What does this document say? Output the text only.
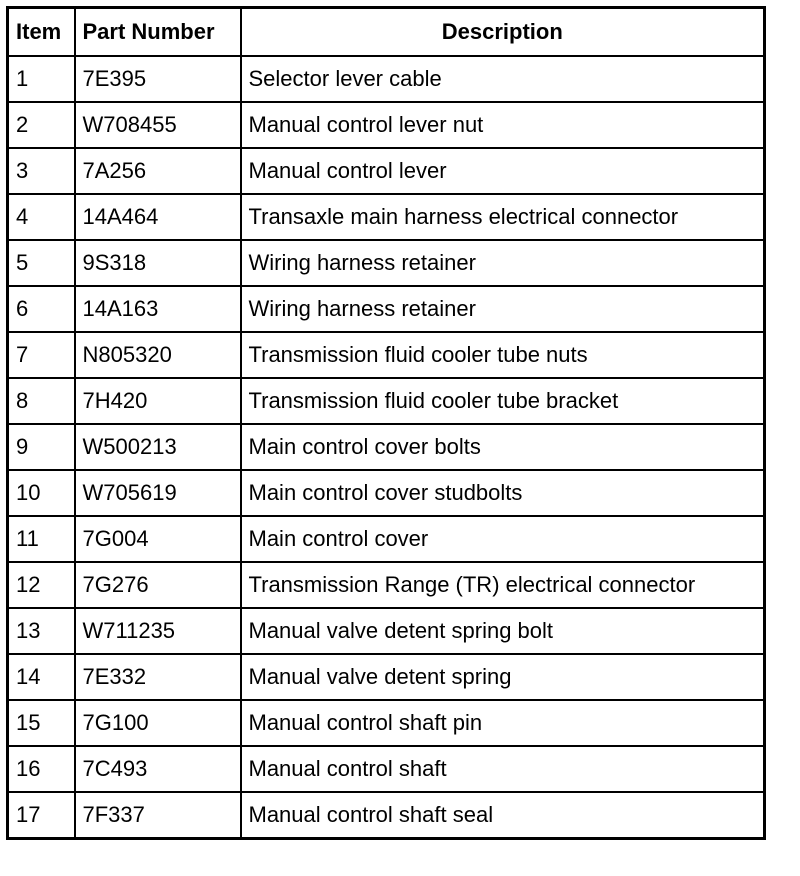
Item	Part Number	Description
1	7E395	Selector lever cable
2	W708455	Manual control lever nut
3	7A256	Manual control lever
4	14A464	Transaxle main harness electrical connector
5	9S318	Wiring harness retainer
6	14A163	Wiring harness retainer
7	N805320	Transmission fluid cooler tube nuts
8	7H420	Transmission fluid cooler tube bracket
9	W500213	Main control cover bolts
10	W705619	Main control cover studbolts
11	7G004	Main control cover
12	7G276	Transmission Range (TR) electrical connector
13	W711235	Manual valve detent spring bolt
14	7E332	Manual valve detent spring
15	7G100	Manual control shaft pin
16	7C493	Manual control shaft
17	7F337	Manual control shaft seal
